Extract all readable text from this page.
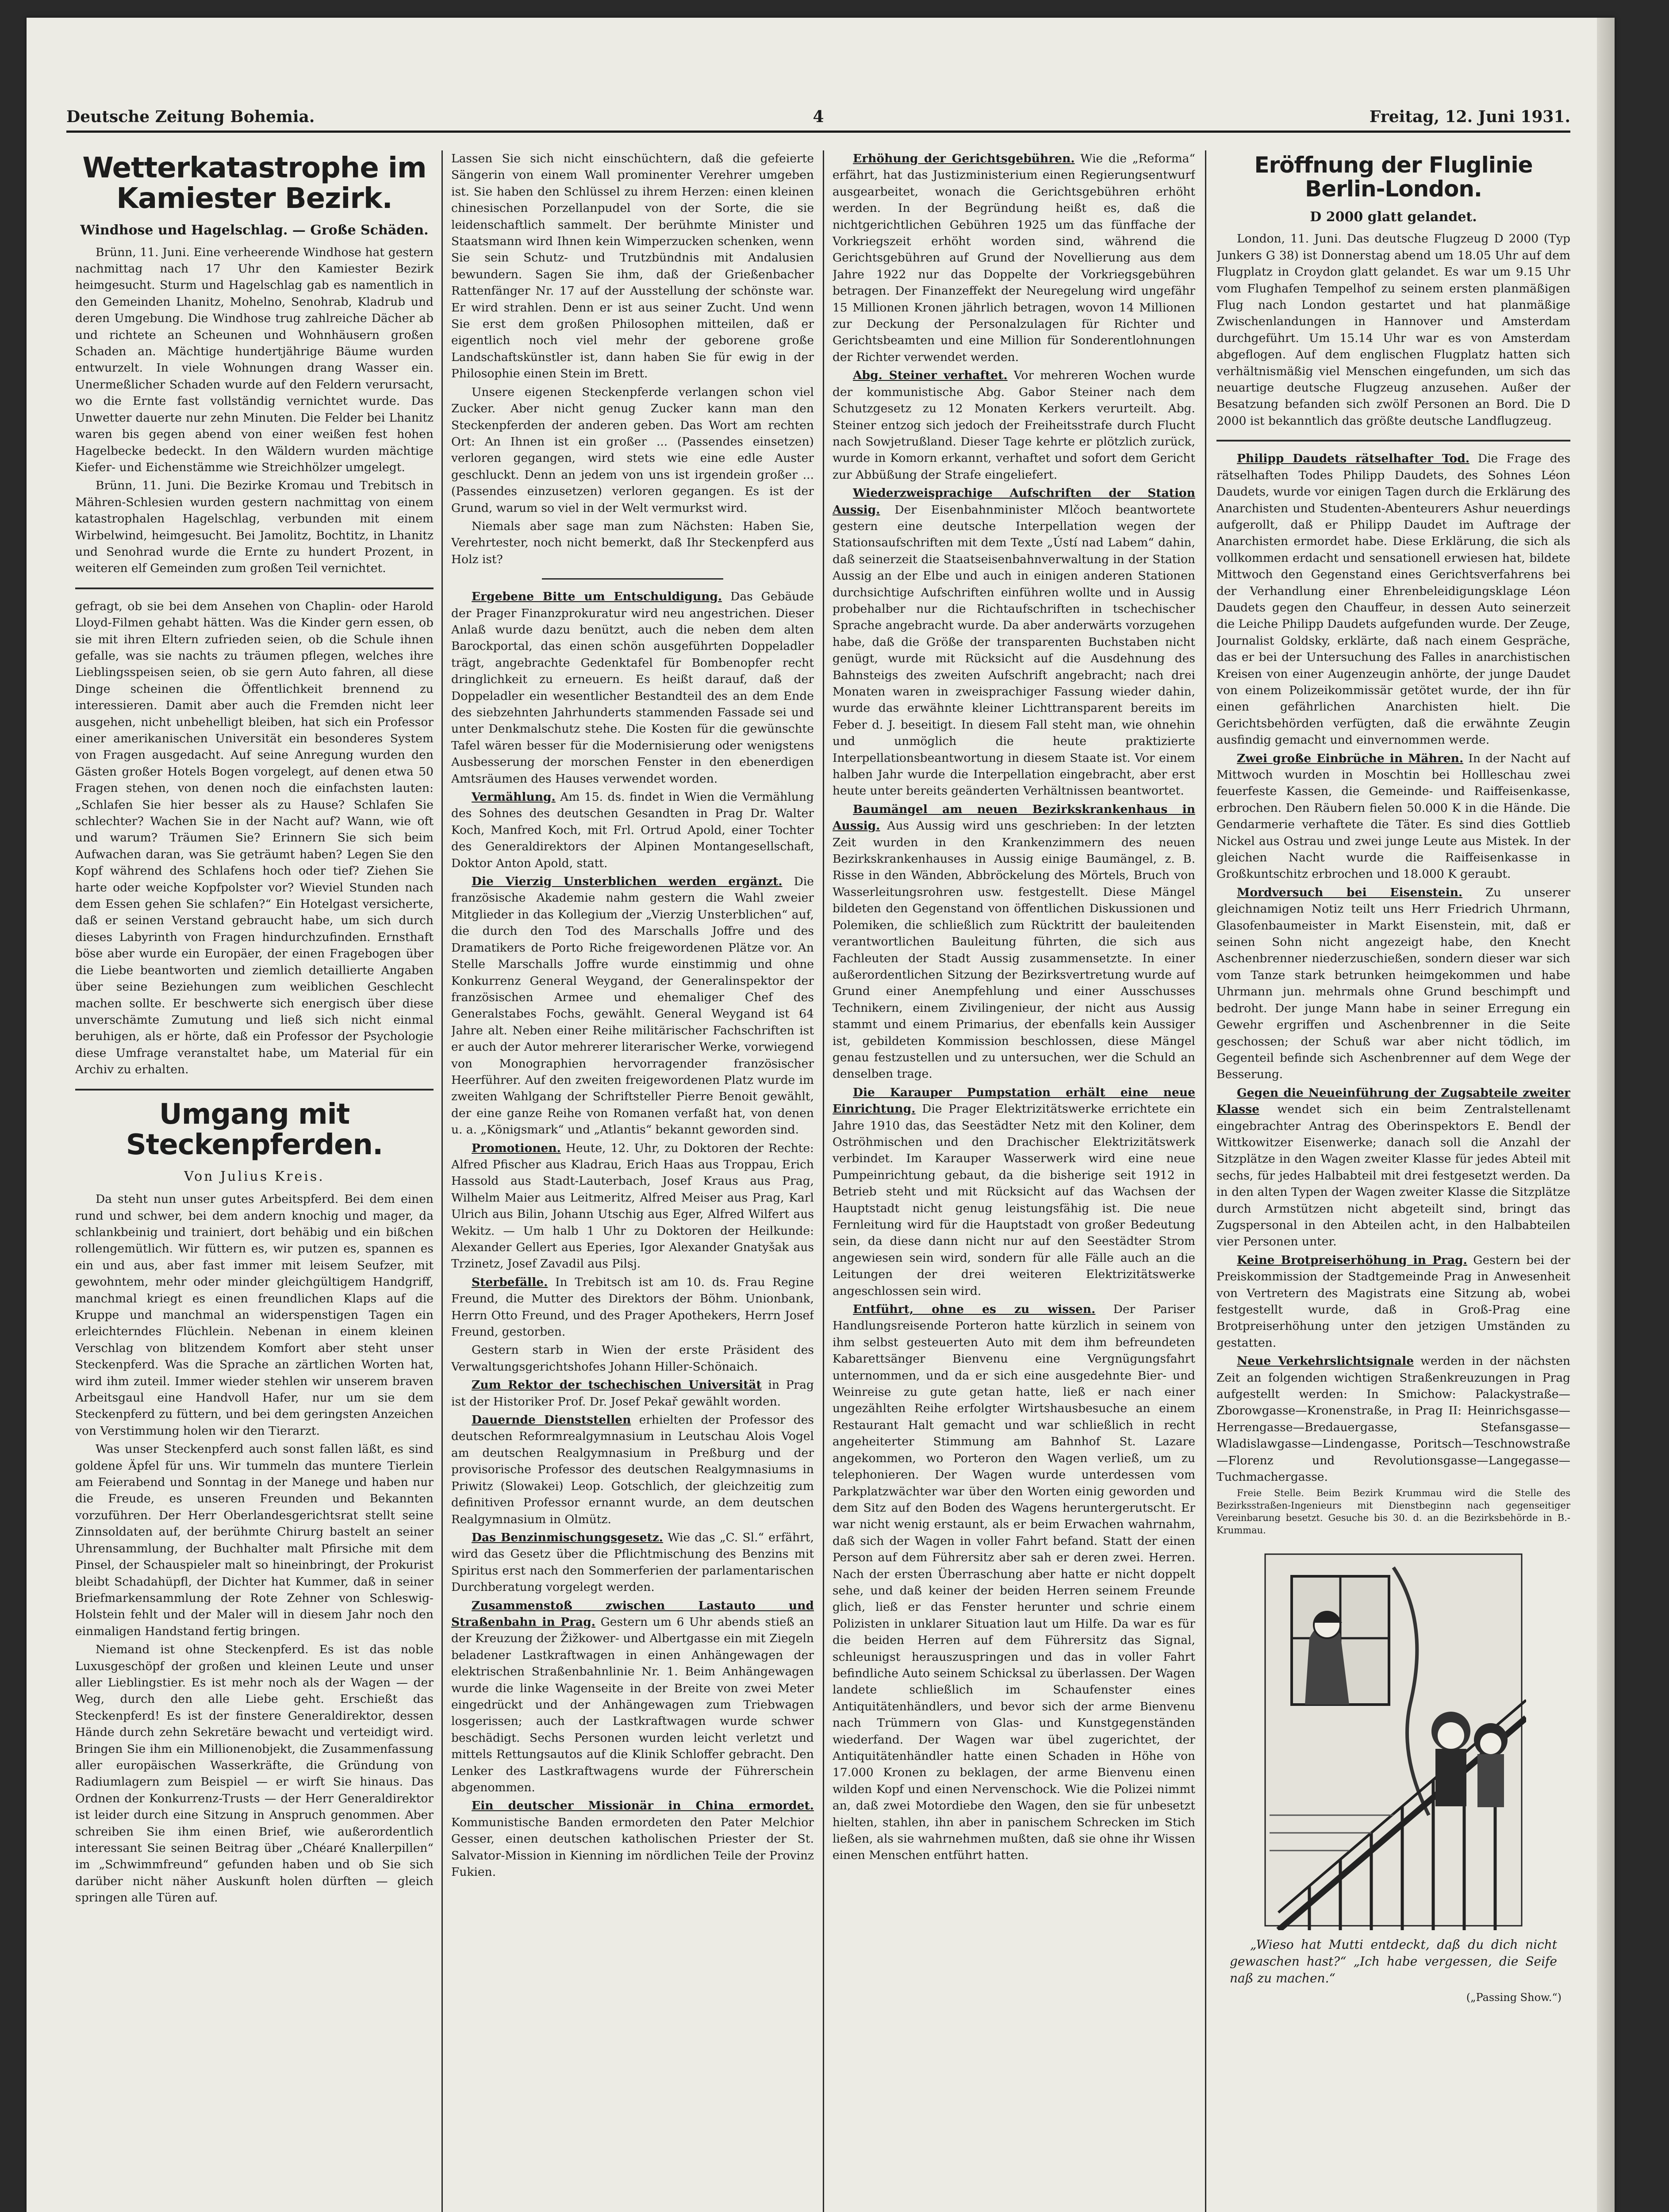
Deutsche Zeitung Bohemia.	4	Freitag, 12. Juni 1931.
Wetterkatastrophe im Kamiester Bezirk.
Windhose und Hagelschlag. — Große Schäden.

Brünn, 11. Juni. Eine verheerende Windhose hat gestern nachmittag nach 17 Uhr den Kamiester Bezirk heimgesucht. Sturm und Hagelschlag gab es namentlich in den Gemeinden Lhanitz, Mohelno, Senohrab, Kladrub und deren Umgebung. Die Windhose trug zahlreiche Dächer ab und richtete an Scheunen und Wohnhäusern großen Schaden an. Mächtige hundertjährige Bäume wurden entwurzelt. In viele Wohnungen drang Wasser ein. Unermeßlicher Schaden wurde auf den Feldern verursacht, wo die Ernte fast vollständig vernichtet wurde. Das Unwetter dauerte nur zehn Minuten. Die Felder bei Lhanitz waren bis gegen abend von einer weißen fest hohen Hagelbecke bedeckt. In den Wäldern wurden mächtige Kiefer- und Eichenstämme wie Streichhölzer umgelegt.

Brünn, 11. Juni. Die Bezirke Kromau und Trebitsch in Mähren-Schlesien wurden gestern nachmittag von einem katastrophalen Hagelschlag, verbunden mit einem Wirbelwind, heimgesucht. Bei Jamolitz, Bochtitz, in Lhanitz und Senohrad wurde die Ernte zu hundert Prozent, in weiteren elf Gemeinden zum großen Teil vernichtet.

gefragt, ob sie bei dem Ansehen von Chaplin- oder Harold Lloyd-Filmen gehabt hätten. Was die Kinder gern essen, ob sie mit ihren Eltern zufrieden seien, ob die Schule ihnen gefalle, was sie nachts zu träumen pflegen, welches ihre Lieblingsspeisen seien, ob sie gern Auto fahren, all diese Dinge scheinen die Öffentlichkeit brennend zu interessieren. Damit aber auch die Fremden nicht leer ausgehen, nicht unbehelligt bleiben, hat sich ein Professor einer amerikanischen Universität ein besonderes System von Fragen ausgedacht. Auf seine Anregung wurden den Gästen großer Hotels Bogen vorgelegt, auf denen etwa 50 Fragen stehen, von denen noch die einfachsten lauten: „Schlafen Sie hier besser als zu Hause? Schlafen Sie schlechter? Wachen Sie in der Nacht auf? Wann, wie oft und warum? Träumen Sie? Erinnern Sie sich beim Aufwachen daran, was Sie geträumt haben? Legen Sie den Kopf während des Schlafens hoch oder tief? Ziehen Sie harte oder weiche Kopfpolster vor? Wieviel Stunden nach dem Essen gehen Sie schlafen?“ Ein Hotelgast versicherte, daß er seinen Verstand gebraucht habe, um sich durch dieses Labyrinth von Fragen hindurchzufinden. Ernsthaft böse aber wurde ein Europäer, der einen Fragebogen über die Liebe beantworten und ziemlich detaillierte Angaben über seine Beziehungen zum weiblichen Geschlecht machen sollte. Er beschwerte sich energisch über diese unverschämte Zumutung und ließ sich nicht einmal beruhigen, als er hörte, daß ein Professor der Psychologie diese Umfrage veranstaltet habe, um Material für ein Archiv zu erhalten.

Umgang mit Steckenpferden.
Von Julius Kreis.

Da steht nun unser gutes Arbeitspferd. Bei dem einen rund und schwer, bei dem andern knochig und mager, da schlankbeinig und trainiert, dort behäbig und ein bißchen rollengemütlich. Wir füttern es, wir putzen es, spannen es ein und aus, aber fast immer mit leisem Seufzer, mit gewohntem, mehr oder minder gleichgültigem Handgriff, manchmal kriegt es einen freundlichen Klaps auf die Kruppe und manchmal an widerspenstigen Tagen ein erleichterndes Flüchlein. Nebenan in einem kleinen Verschlag von blitzendem Komfort aber steht unser Steckenpferd. Was die Sprache an zärtlichen Worten hat, wird ihm zuteil. Immer wieder stehlen wir unserem braven Arbeitsgaul eine Handvoll Hafer, nur um sie dem Steckenpferd zu füttern, und bei dem geringsten Anzeichen von Verstimmung holen wir den Tierarzt.

Was unser Steckenpferd auch sonst fallen läßt, es sind goldene Äpfel für uns. Wir tummeln das muntere Tierlein am Feierabend und Sonntag in der Manege und haben nur die Freude, es unseren Freunden und Bekannten vorzuführen. Der Herr Oberlandesgerichtsrat stellt seine Zinnsoldaten auf, der berühmte Chirurg bastelt an seiner Uhrensammlung, der Buchhalter malt Pfirsiche mit dem Pinsel, der Schauspieler malt so hineinbringt, der Prokurist bleibt Schadahüpfl, der Dichter hat Kummer, daß in seiner Briefmarkensammlung der Rote Zehner von Schleswig-Holstein fehlt und der Maler will in diesem Jahr noch den einmaligen Handstand fertig bringen.

Niemand ist ohne Steckenpferd. Es ist das noble Luxusgeschöpf der großen und kleinen Leute und unser aller Lieblingstier. Es ist mehr noch als der Wagen — der Weg, durch den alle Liebe geht. Erschießt das Steckenpferd! Es ist der finstere Generaldirektor, dessen Hände durch zehn Sekretäre bewacht und verteidigt wird. Bringen Sie ihm ein Millionenobjekt, die Zusammenfassung aller europäischen Wasserkräfte, die Gründung von Radiumlagern zum Beispiel — er wirft Sie hinaus. Das Ordnen der Konkurrenz-Trusts — der Herr Generaldirektor ist leider durch eine Sitzung in Anspruch genommen. Aber schreiben Sie ihm einen Brief, wie außerordentlich interessant Sie seinen Beitrag über „Chéaré Knallerpillen“ im „Schwimmfreund“ gefunden haben und ob Sie sich darüber nicht näher Auskunft holen dürften — gleich springen alle Türen auf.

Lassen Sie sich nicht einschüchtern, daß die gefeierte Sängerin von einem Wall prominenter Verehrer umgeben ist. Sie haben den Schlüssel zu ihrem Herzen: einen kleinen chinesischen Porzellanpudel von der Sorte, die sie leidenschaftlich sammelt. Der berühmte Minister und Staatsmann wird Ihnen kein Wimperzucken schenken, wenn Sie sein Schutz- und Trutzbündnis mit Andalusien bewundern. Sagen Sie ihm, daß der Grießenbacher Rattenfänger Nr. 17 auf der Ausstellung der schönste war. Er wird strahlen. Denn er ist aus seiner Zucht. Und wenn Sie erst dem großen Philosophen mitteilen, daß er eigentlich noch viel mehr der geborene große Landschaftskünstler ist, dann haben Sie für ewig in der Philosophie einen Stein im Brett.

Unsere eigenen Steckenpferde verlangen schon viel Zucker. Aber nicht genug Zucker kann man den Steckenpferden der anderen geben. Das Wort am rechten Ort: An Ihnen ist ein großer ... (Passendes einsetzen) verloren gegangen, wird stets wie eine edle Auster geschluckt. Denn an jedem von uns ist irgendein großer ... (Passendes einzusetzen) verloren gegangen. Es ist der Grund, warum so viel in der Welt vermurkst wird.

Niemals aber sage man zum Nächsten: Haben Sie, Verehrtester, noch nicht bemerkt, daß Ihr Steckenpferd aus Holz ist?

Ergebene Bitte um Entschuldigung. Das Gebäude der Prager Finanzprokuratur wird neu angestrichen. Dieser Anlaß wurde dazu benützt, auch die neben dem alten Barockportal, das einen schön ausgeführten Doppeladler trägt, angebrachte Gedenktafel für Bombenopfer recht dringlichkeit zu erneuern. Es heißt darauf, daß der Doppeladler ein wesentlicher Bestandteil des an dem Ende des siebzehnten Jahrhunderts stammenden Fassade sei und unter Denkmalschutz stehe. Die Kosten für die gewünschte Tafel wären besser für die Modernisierung oder wenigstens Ausbesserung der morschen Fenster in den ebenerdigen Amtsräumen des Hauses verwendet worden.

Vermählung. Am 15. ds. findet in Wien die Vermählung des Sohnes des deutschen Gesandten in Prag Dr. Walter Koch, Manfred Koch, mit Frl. Ortrud Apold, einer Tochter des Generaldirektors der Alpinen Montangesellschaft, Doktor Anton Apold, statt.

Die Vierzig Unsterblichen werden ergänzt. Die französische Akademie nahm gestern die Wahl zweier Mitglieder in das Kollegium der „Vierzig Unsterblichen“ auf, die durch den Tod des Marschalls Joffre und des Dramatikers de Porto Riche freigewordenen Plätze vor. An Stelle Marschalls Joffre wurde einstimmig und ohne Konkurrenz General Weygand, der Generalinspektor der französischen Armee und ehemaliger Chef des Generalstabes Fochs, gewählt. General Weygand ist 64 Jahre alt. Neben einer Reihe militärischer Fachschriften ist er auch der Autor mehrerer literarischer Werke, vorwiegend von Monographien hervorragender französischer Heerführer. Auf den zweiten freigewordenen Platz wurde im zweiten Wahlgang der Schriftsteller Pierre Benoit gewählt, der eine ganze Reihe von Romanen verfaßt hat, von denen u. a. „Königsmark“ und „Atlantis“ bekannt geworden sind.

Promotionen. Heute, 12. Uhr, zu Doktoren der Rechte: Alfred Pfischer aus Kladrau, Erich Haas aus Troppau, Erich Hassold aus Stadt-Lauterbach, Josef Kraus aus Prag, Wilhelm Maier aus Leitmeritz, Alfred Meiser aus Prag, Karl Ulrich aus Bilin, Johann Utschig aus Eger, Alfred Wilfert aus Wekitz. — Um halb 1 Uhr zu Doktoren der Heilkunde: Alexander Gellert aus Eperies, Igor Alexander Gnatyšak aus Trzinetz, Josef Zavadil aus Pilsj.

Sterbefälle. In Trebitsch ist am 10. ds. Frau Regine Freund, die Mutter des Direktors der Böhm. Unionbank, Herrn Otto Freund, und des Prager Apothekers, Herrn Josef Freund, gestorben.

Gestern starb in Wien der erste Präsident des Verwaltungsgerichtshofes Johann Hiller-Schönaich.

Zum Rektor der tschechischen Universität in Prag ist der Historiker Prof. Dr. Josef Pekař gewählt worden.

Dauernde Dienststellen erhielten der Professor des deutschen Reformrealgymnasium in Leutschau Alois Vogel am deutschen Realgymnasium in Preßburg und der provisorische Professor des deutschen Realgymnasiums in Priwitz (Slowakei) Leop. Gotschlich, der gleichzeitig zum definitiven Professor ernannt wurde, an dem deutschen Realgymnasium in Olmütz.

Das Benzinmischungsgesetz. Wie das „C. Sl.“ erfährt, wird das Gesetz über die Pflichtmischung des Benzins mit Spiritus erst nach den Sommerferien der parlamentarischen Durchberatung vorgelegt werden.

Zusammenstoß zwischen Lastauto und Straßenbahn in Prag. Gestern um 6 Uhr abends stieß an der Kreuzung der Žižkower- und Albertgasse ein mit Ziegeln beladener Lastkraftwagen in einen Anhängewagen der elektrischen Straßenbahnlinie Nr. 1. Beim Anhängewagen wurde die linke Wagenseite in der Breite von zwei Meter eingedrückt und der Anhängewagen zum Triebwagen losgerissen; auch der Lastkraftwagen wurde schwer beschädigt. Sechs Personen wurden leicht verletzt und mittels Rettungsautos auf die Klinik Schloffer gebracht. Den Lenker des Lastkraftwagens wurde der Führerschein abgenommen.

Ein deutscher Missionär in China ermordet. Kommunistische Banden ermordeten den Pater Melchior Gesser, einen deutschen katholischen Priester der St. Salvator-Mission in Kienning im nördlichen Teile der Provinz Fukien.

Erhöhung der Gerichtsgebühren. Wie die „Reforma“ erfährt, hat das Justizministerium einen Regierungsentwurf ausgearbeitet, wonach die Gerichtsgebühren erhöht werden. In der Begründung heißt es, daß die nichtgerichtlichen Gebühren 1925 um das fünffache der Vorkriegszeit erhöht worden sind, während die Gerichtsgebühren auf Grund der Novellierung aus dem Jahre 1922 nur das Doppelte der Vorkriegsgebühren betragen. Der Finanzeffekt der Neuregelung wird ungefähr 15 Millionen Kronen jährlich betragen, wovon 14 Millionen zur Deckung der Personalzulagen für Richter und Gerichtsbeamten und eine Million für Sonderentlohnungen der Richter verwendet werden.

Abg. Steiner verhaftet. Vor mehreren Wochen wurde der kommunistische Abg. Gabor Steiner nach dem Schutzgesetz zu 12 Monaten Kerkers verurteilt. Abg. Steiner entzog sich jedoch der Freiheitsstrafe durch Flucht nach Sowjetrußland. Dieser Tage kehrte er plötzlich zurück, wurde in Komorn erkannt, verhaftet und sofort dem Gericht zur Abbüßung der Strafe eingeliefert.

Wiederzweisprachige Aufschriften der Station Aussig. Der Eisenbahnminister Mlčoch beantwortete gestern eine deutsche Interpellation wegen der Stationsaufschriften mit dem Texte „Ústí nad Labem“ dahin, daß seinerzeit die Staatseisenbahnverwaltung in der Station Aussig an der Elbe und auch in einigen anderen Stationen durchsichtige Aufschriften einführen wollte und in Aussig probehalber nur die Richtaufschriften in tschechischer Sprache angebracht wurde. Da aber anderwärts vorzugehen habe, daß die Größe der transparenten Buchstaben nicht genügt, wurde mit Rücksicht auf die Ausdehnung des Bahnsteigs des zweiten Aufschrift angebracht; nach drei Monaten waren in zweisprachiger Fassung wieder dahin, wurde das erwähnte kleiner Lichttransparent bereits im Feber d. J. beseitigt. In diesem Fall steht man, wie ohnehin und unmöglich die heute praktizierte Interpellationsbeantwortung in diesem Staate ist. Vor einem halben Jahr wurde die Interpellation eingebracht, aber erst heute unter bereits geänderten Verhältnissen beantwortet.

Baumängel am neuen Bezirkskrankenhaus in Aussig. Aus Aussig wird uns geschrieben: In der letzten Zeit wurden in den Krankenzimmern des neuen Bezirkskrankenhauses in Aussig einige Baumängel, z. B. Risse in den Wänden, Abbröckelung des Mörtels, Bruch von Wasserleitungsrohren usw. festgestellt. Diese Mängel bildeten den Gegenstand von öffentlichen Diskussionen und Polemiken, die schließlich zum Rücktritt der bauleitenden verantwortlichen Bauleitung führten, die sich aus Fachleuten der Stadt Aussig zusammensetzte. In einer außerordentlichen Sitzung der Bezirksvertretung wurde auf Grund einer Anempfehlung und einer Ausschusses Technikern, einem Zivilingenieur, der nicht aus Aussig stammt und einem Primarius, der ebenfalls kein Aussiger ist, gebildeten Kommission beschlossen, diese Mängel genau festzustellen und zu untersuchen, wer die Schuld an denselben trage.

Die Karauper Pumpstation erhält eine neue Einrichtung. Die Prager Elektrizitätswerke errichtete ein Jahre 1910 das, das Seestädter Netz mit den Koliner, dem Oströhmischen und den Drachischer Elektrizitätswerk verbindet. Im Karauper Wasserwerk wird eine neue Pumpeinrichtung gebaut, da die bisherige seit 1912 in Betrieb steht und mit Rücksicht auf das Wachsen der Hauptstadt nicht genug leistungsfähig ist. Die neue Fernleitung wird für die Hauptstadt von großer Bedeutung sein, da diese dann nicht nur auf den Seestädter Strom angewiesen sein wird, sondern für alle Fälle auch an die Leitungen der drei weiteren Elektrizitätswerke angeschlossen sein wird.

Entführt, ohne es zu wissen. Der Pariser Handlungsreisende Porteron hatte kürzlich in seinem von ihm selbst gesteuerten Auto mit dem ihm befreundeten Kabarettsänger Bienvenu eine Vergnügungsfahrt unternommen, und da er sich eine ausgedehnte Bier- und Weinreise zu gute getan hatte, ließ er nach einer ungezählten Reihe erfolgter Wirtshausbesuche an einem Restaurant Halt gemacht und war schließlich in recht angeheiterter Stimmung am Bahnhof St. Lazare angekommen, wo Porteron den Wagen verließ, um zu telephonieren. Der Wagen wurde unterdessen vom Parkplatzwächter war über den Worten einig geworden und dem Sitz auf den Boden des Wagens heruntergerutscht. Er war nicht wenig erstaunt, als er beim Erwachen wahrnahm, daß sich der Wagen in voller Fahrt befand. Statt der einen Person auf dem Führersitz aber sah er deren zwei. Herren. Nach der ersten Überraschung aber hatte er nicht doppelt sehe, und daß keiner der beiden Herren seinem Freunde glich, ließ er das Fenster herunter und schrie einem Polizisten in unklarer Situation laut um Hilfe. Da war es für die beiden Herren auf dem Führersitz das Signal, schleunigst herauszuspringen und das in voller Fahrt befindliche Auto seinem Schicksal zu überlassen. Der Wagen landete schließlich im Schaufenster eines Antiquitätenhändlers, und bevor sich der arme Bienvenu nach Trümmern von Glas- und Kunstgegenständen wiederfand. Der Wagen war übel zugerichtet, der Antiquitätenhändler hatte einen Schaden in Höhe von 17.000 Kronen zu beklagen, der arme Bienvenu einen wilden Kopf und einen Nervenschock. Wie die Polizei nimmt an, daß zwei Motordiebe den Wagen, den sie für unbesetzt hielten, stahlen, ihn aber in panischem Schrecken im Stich ließen, als sie wahrnehmen mußten, daß sie ohne ihr Wissen einen Menschen entführt hatten.

Eröffnung der Fluglinie Berlin-London.
D 2000 glatt gelandet.

London, 11. Juni. Das deutsche Flugzeug D 2000 (Typ Junkers G 38) ist Donnerstag abend um 18.05 Uhr auf dem Flugplatz in Croydon glatt gelandet. Es war um 9.15 Uhr vom Flughafen Tempelhof zu seinem ersten planmäßigen Flug nach London gestartet und hat planmäßige Zwischenlandungen in Hannover und Amsterdam durchgeführt. Um 15.14 Uhr war es von Amsterdam abgeflogen. Auf dem englischen Flugplatz hatten sich verhältnismäßig viel Menschen eingefunden, um sich das neuartige deutsche Flugzeug anzusehen. Außer der Besatzung befanden sich zwölf Personen an Bord. Die D 2000 ist bekanntlich das größte deutsche Landflugzeug.

Philipp Daudets rätselhafter Tod. Die Frage des rätselhaften Todes Philipp Daudets, des Sohnes Léon Daudets, wurde vor einigen Tagen durch die Erklärung des Anarchisten und Studenten-Abenteurers Ashur neuerdings aufgerollt, daß er Philipp Daudet im Auftrage der Anarchisten ermordet habe. Diese Erklärung, die sich als vollkommen erdacht und sensationell erwiesen hat, bildete Mittwoch den Gegenstand eines Gerichtsverfahrens bei der Verhandlung einer Ehrenbeleidigungsklage Léon Daudets gegen den Chauffeur, in dessen Auto seinerzeit die Leiche Philipp Daudets aufgefunden wurde. Der Zeuge, Journalist Goldsky, erklärte, daß nach einem Gespräche, das er bei der Untersuchung des Falles in anarchistischen Kreisen von einer Augenzeugin anhörte, der junge Daudet von einem Polizeikommissär getötet wurde, der ihn für einen gefährlichen Anarchisten hielt. Die Gerichtsbehörden verfügten, daß die erwähnte Zeugin ausfindig gemacht und einvernommen werde.

Zwei große Einbrüche in Mähren. In der Nacht auf Mittwoch wurden in Moschtin bei Hollleschau zwei feuerfeste Kassen, die Gemeinde- und Raiffeisenkasse, erbrochen. Den Räubern fielen 50.000 K in die Hände. Die Gendarmerie verhaftete die Täter. Es sind dies Gottlieb Nickel aus Ostrau und zwei junge Leute aus Mistek. In der gleichen Nacht wurde die Raiffeisenkasse in Großkuntschitz erbrochen und 18.000 K geraubt.

Mordversuch bei Eisenstein. Zu unserer gleichnamigen Notiz teilt uns Herr Friedrich Uhrmann, Glasofenbaumeister in Markt Eisenstein, mit, daß er seinen Sohn nicht angezeigt habe, den Knecht Aschenbrenner niederzuschießen, sondern dieser war sich vom Tanze stark betrunken heimgekommen und habe Uhrmann jun. mehrmals ohne Grund beschimpft und bedroht. Der junge Mann habe in seiner Erregung ein Gewehr ergriffen und Aschenbrenner in die Seite geschossen; der Schuß war aber nicht tödlich, im Gegenteil befinde sich Aschenbrenner auf dem Wege der Besserung.

Gegen die Neueinführung der Zugsabteile zweiter Klasse wendet sich ein beim Zentralstellenamt eingebrachter Antrag des Oberinspektors E. Bendl der Wittkowitzer Eisenwerke; danach soll die Anzahl der Sitzplätze in den Wagen zweiter Klasse für jedes Abteil mit sechs, für jedes Halbabteil mit drei festgesetzt werden. Da in den alten Typen der Wagen zweiter Klasse die Sitzplätze durch Armstützen nicht abgeteilt sind, bringt das Zugspersonal in den Abteilen acht, in den Halbabteilen vier Personen unter.

Keine Brotpreiserhöhung in Prag. Gestern bei der Preiskommission der Stadtgemeinde Prag in Anwesenheit von Vertretern des Magistrats eine Sitzung ab, wobei festgestellt wurde, daß in Groß-Prag eine Brotpreiserhöhung unter den jetzigen Umständen zu gestatten.

Neue Verkehrslichtsignale werden in der nächsten Zeit an folgenden wichtigen Straßenkreuzungen in Prag aufgestellt werden: In Smichow: Palackystraße—Zborowgasse—Kronenstraße, in Prag II: Heinrichsgasse—Herrengasse—Bredauergasse, Stefansgasse—Wladislawgasse—Lindengasse, Poritsch—Teschnowstraße—Florenz und Revolutionsgasse—Langegasse—Tuchmachergasse.

Freie Stelle. Beim Bezirk Krummau wird die Stelle des Bezirksstraßen-Ingenieurs mit Dienstbeginn nach gegenseitiger Vereinbarung besetzt. Gesuche bis 30. d. an die Bezirksbehörde in B.-Krummau.

„Wieso hat Mutti entdeckt, daß du dich nicht gewaschen hast?“ „Ich habe vergessen, die Seife naß zu machen.“

(„Passing Show.“)
